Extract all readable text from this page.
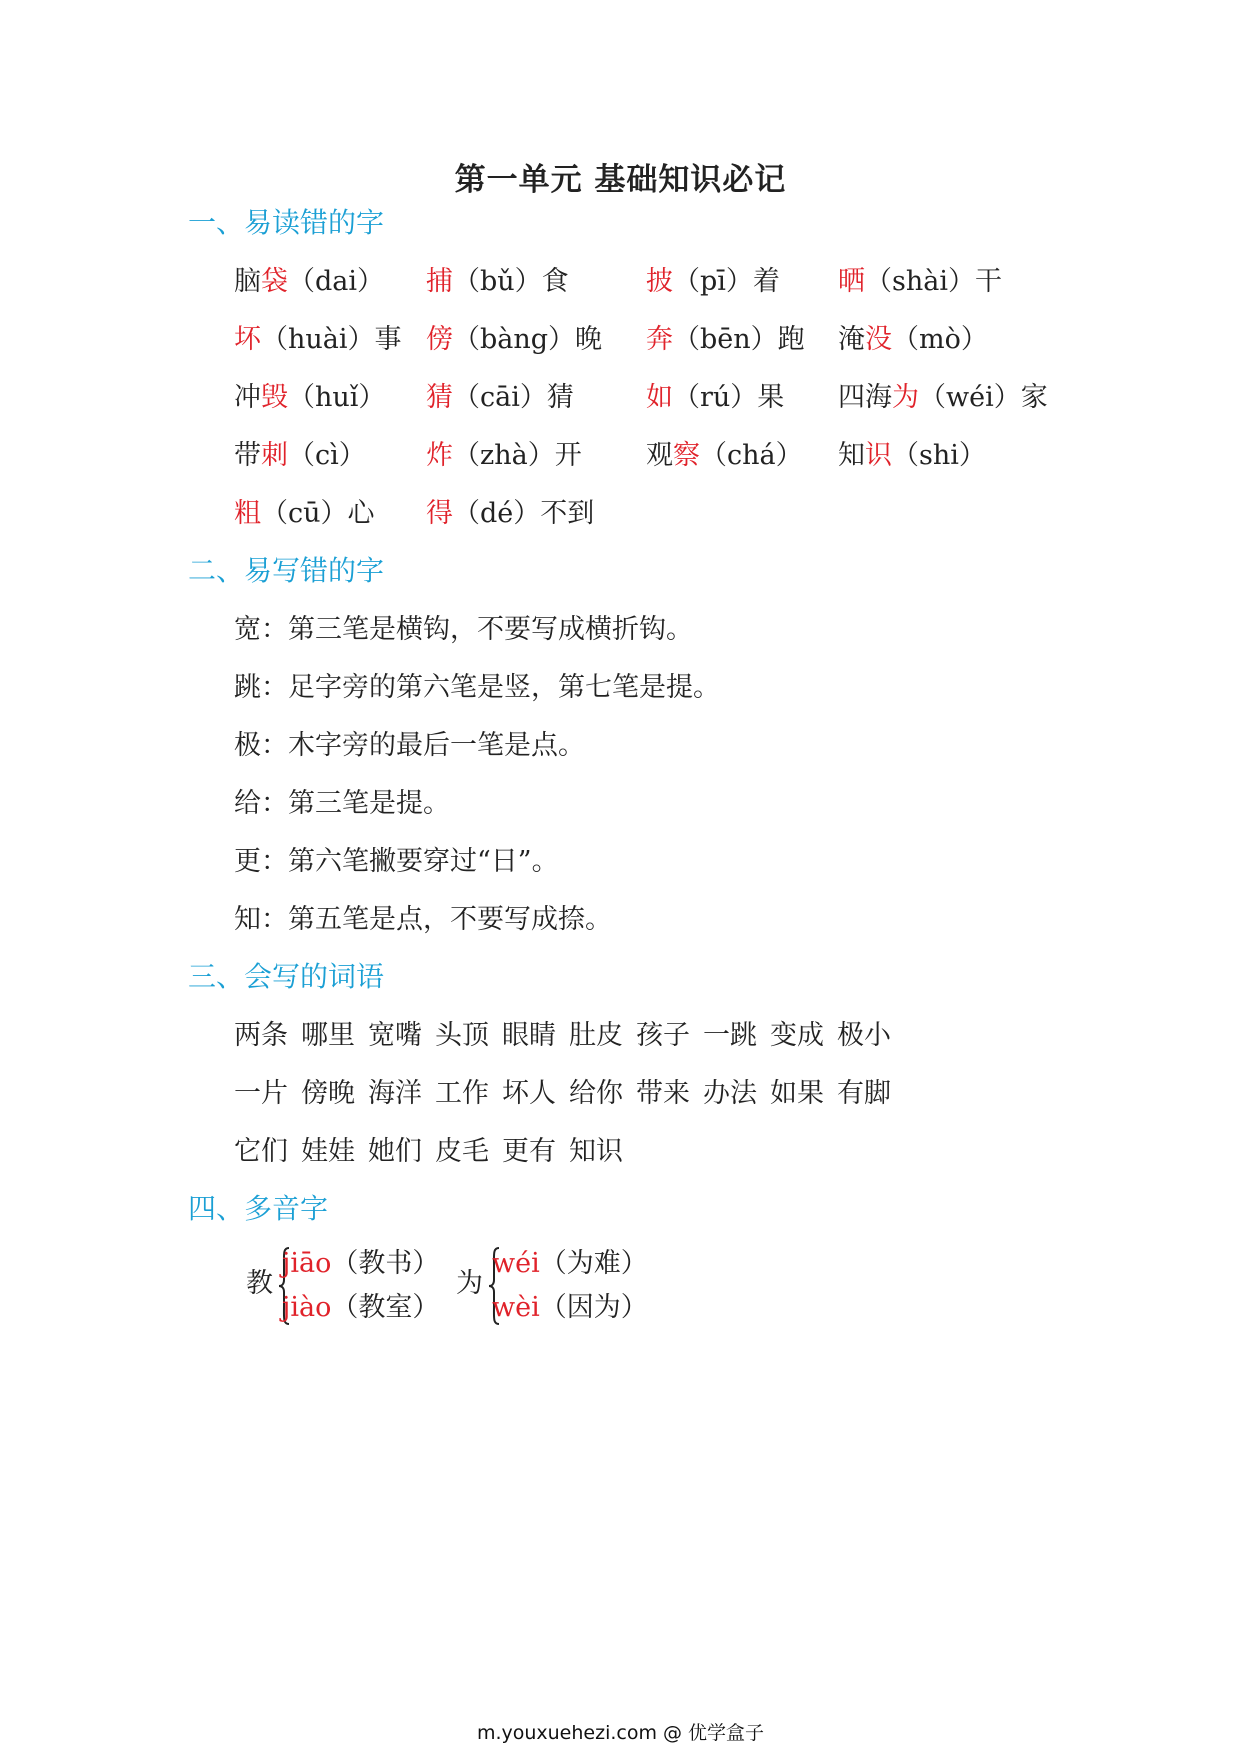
第一单元 基础知识必记
一、易读错的字
脑袋（dai） 捕（bǔ）食	披（pī）着 晒（shài）干
坏（huài）事 傍（bàng）晚 奔（bēn）跑 淹没（mò）
冲毁（huǐ） 猜（cāi）猜	如（rú）果 四海为（wéi）家
带刺（cì） 炸（zhà）开 观察（chá） 知识（shi）
粗（cū）心 得（dé）不到
二、易写错的字
宽：第三笔是横钩，不要写成横折钩。
跳：足字旁的第六笔是竖，第七笔是提。
极：木字旁的最后一笔是点。
给：第三笔是提。
更：第六笔撇要穿过“日”。
知：第五笔是点，不要写成捺。
三、会写的词语
两条 哪里 宽嘴 头顶 眼睛 肚皮 孩子 一跳 变成 极小
一片 傍晚 海洋 工作 坏人 给你 带来 办法 如果 有脚
它们 娃娃 她们 皮毛 更有 知识
四、多音字
教
jiāo（教书）
jiào（教室）
为
wéi（为难）
wèi（因为）
m.youxuehezi.com @ 优学盒子
